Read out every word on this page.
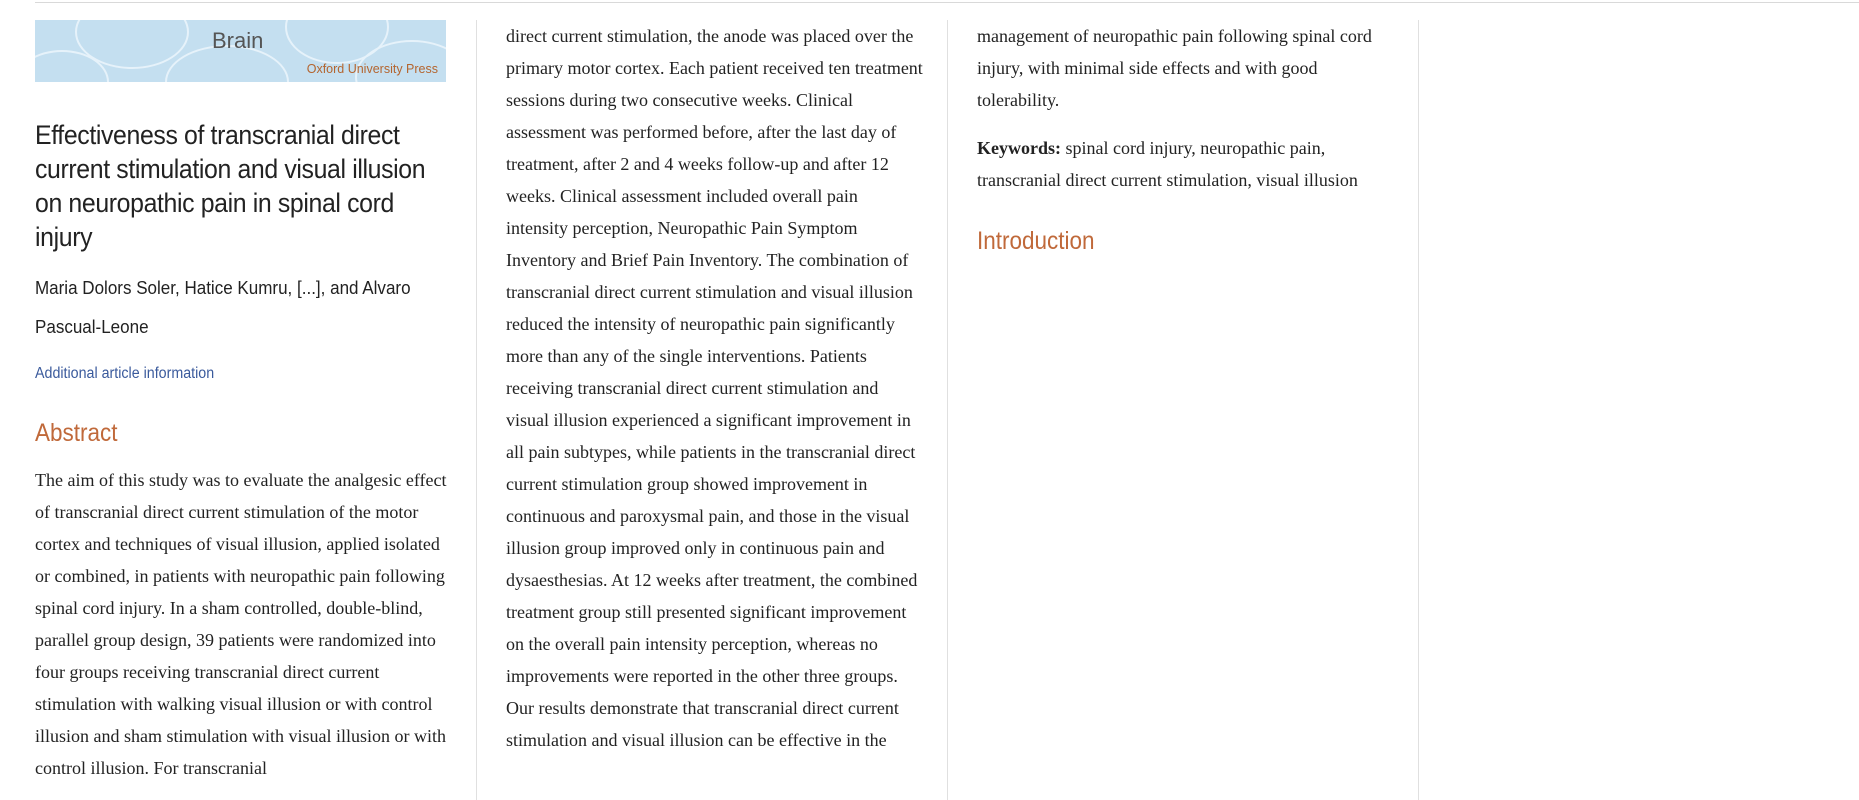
Brain
Oxford University Press
Effectiveness of transcranial direct current stimulation and visual illusion on neuropathic pain in spinal cord injury
Maria Dolors Soler, Hatice Kumru, [...], and Alvaro Pascual-Leone
Additional article information
Abstract

The aim of this study was to evaluate the analgesic effect of transcranial direct current stimulation of the motor cortex and techniques of visual illusion, applied isolated or combined, in patients with neuropathic pain following spinal cord injury. In a sham controlled, double-blind, parallel group design, 39 patients were randomized into four groups receiving transcranial direct current stimulation with walking visual illusion or with control illusion and sham stimulation with visual illusion or with control illusion. For transcranial

direct current stimulation, the anode was placed over the primary motor cortex. Each patient received ten treatment sessions during two consecutive weeks. Clinical assessment was performed before, after the last day of treatment, after 2 and 4 weeks follow-up and after 12 weeks. Clinical assessment included overall pain intensity perception, Neuropathic Pain Symptom Inventory and Brief Pain Inventory. The combination of transcranial direct current stimulation and visual illusion reduced the intensity of neuropathic pain significantly more than any of the single interventions. Patients receiving transcranial direct current stimulation and visual illusion experienced a significant improvement in all pain subtypes, while patients in the transcranial direct current stimulation group showed improvement in continuous and paroxysmal pain, and those in the visual illusion group improved only in continuous pain and dysaesthesias. At 12 weeks after treatment, the combined treatment group still presented significant improvement on the overall pain intensity perception, whereas no improvements were reported in the other three groups. Our results demonstrate that transcranial direct current stimulation and visual illusion can be effective in the

management of neuropathic pain following spinal cord injury, with minimal side effects and with good tolerability.

Keywords: spinal cord injury, neuropathic pain, transcranial direct current stimulation, visual illusion

Introduction
